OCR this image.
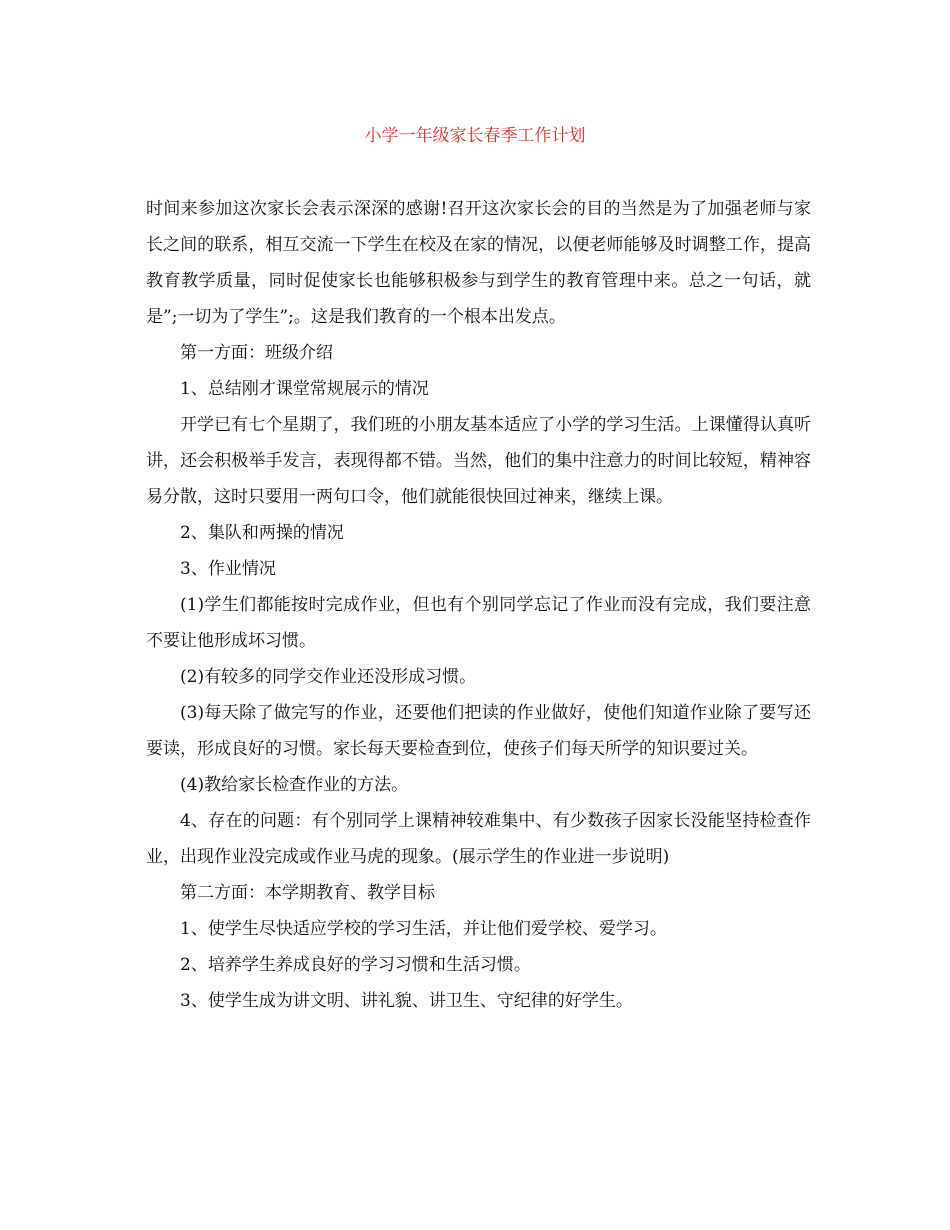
小学一年级家长春季工作计划

时间来参加这次家长会表示深深的感谢!召开这次家长会的目的当然是为了加强老师与家长之间的联系，相互交流一下学生在校及在家的情况，以便老师能够及时调整工作，提高教育教学质量，同时促使家长也能够积极参与到学生的教育管理中来。总之一句话，就是”;一切为了学生”;。这是我们教育的一个根本出发点。

第一方面：班级介绍

1、总结刚才课堂常规展示的情况

开学已有七个星期了，我们班的小朋友基本适应了小学的学习生活。上课懂得认真听讲，还会积极举手发言，表现得都不错。当然，他们的集中注意力的时间比较短，精神容易分散，这时只要用一两句口令，他们就能很快回过神来，继续上课。

2、集队和两操的情况

3、作业情况

(1)学生们都能按时完成作业，但也有个别同学忘记了作业而没有完成，我们要注意不要让他形成坏习惯。

(2)有较多的同学交作业还没形成习惯。

(3)每天除了做完写的作业，还要他们把读的作业做好，使他们知道作业除了要写还要读，形成良好的习惯。家长每天要检查到位，使孩子们每天所学的知识要过关。

(4)教给家长检查作业的方法。

4、存在的问题：有个别同学上课精神较难集中、有少数孩子因家长没能坚持检查作业，出现作业没完成或作业马虎的现象。(展示学生的作业进一步说明)

第二方面：本学期教育、教学目标

1、使学生尽快适应学校的学习生活，并让他们爱学校、爱学习。

2、培养学生养成良好的学习习惯和生活习惯。

3、使学生成为讲文明、讲礼貌、讲卫生、守纪律的好学生。
